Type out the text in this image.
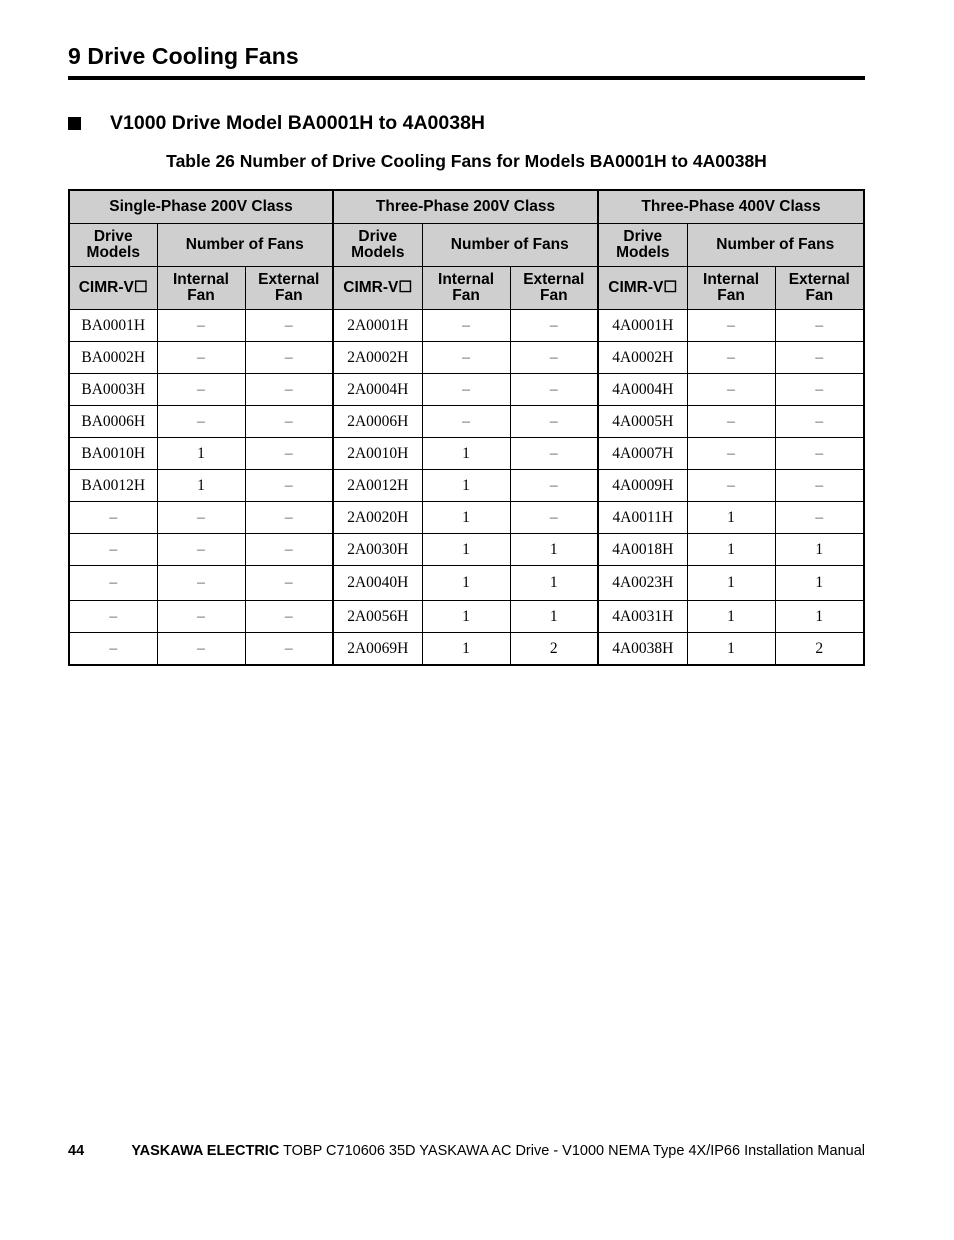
9 Drive Cooling Fans
V1000 Drive Model BA0001H to 4A0038H
Table 26 Number of Drive Cooling Fans for Models BA0001H to 4A0038H
Single-Phase 200V Class			Three-Phase 200V Class			Three-Phase 400V Class		
Drive Models	Number of Fans		Drive Models	Number of Fans		Drive Models	Number of Fans	
CIMR-V☐	Internal Fan	External Fan	CIMR-V☐	Internal Fan	External Fan	CIMR-V☐	Internal Fan	External Fan
BA0001H	–	–	2A0001H	–	–	4A0001H	–	–
BA0002H	–	–	2A0002H	–	–	4A0002H	–	–
BA0003H	–	–	2A0004H	–	–	4A0004H	–	–
BA0006H	–	–	2A0006H	–	–	4A0005H	–	–
BA0010H	1	–	2A0010H	1	–	4A0007H	–	–
BA0012H	1	–	2A0012H	1	–	4A0009H	–	–
–	–	–	2A0020H	1	–	4A0011H	1	–
–	–	–	2A0030H	1	1	4A0018H	1	1
–	–	–	2A0040H	1	1	4A0023H	1	1
–	–	–	2A0056H	1	1	4A0031H	1	1
–	–	–	2A0069H	1	2	4A0038H	1	2
44	YASKAWA ELECTRIC TOBP C710606 35D YASKAWA AC Drive - V1000 NEMA Type 4X/IP66 Installation Manual
